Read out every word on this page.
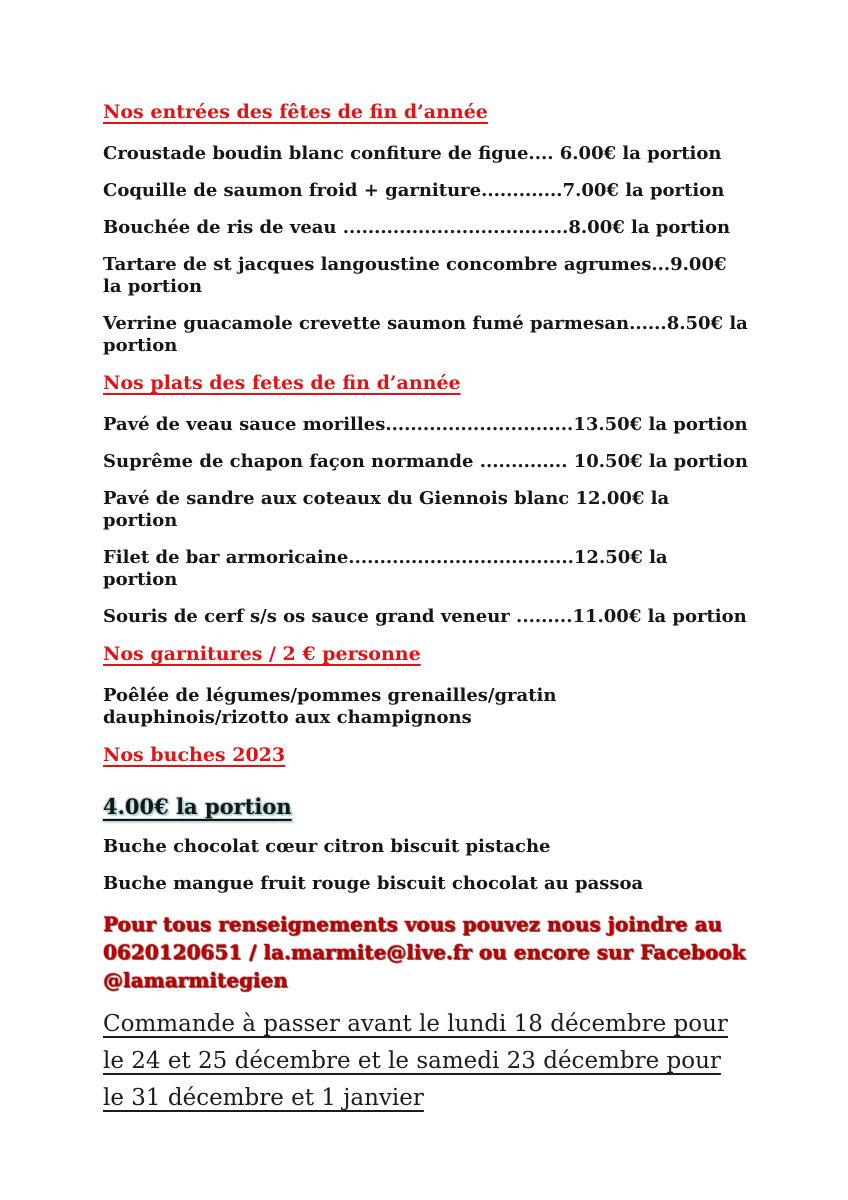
Nos entrées des fêtes de fin d’année

Croustade boudin blanc confiture de figue.... 6.00€ la portion

Coquille de saumon froid + garniture.............7.00€ la portion

Bouchée de ris de veau ....................................8.00€ la portion

Tartare de st jacques langoustine concombre agrumes...9.00€ la portion

Verrine guacamole crevette saumon fumé parmesan......8.50€ la portion

Nos plats des fetes de fin d’année

Pavé de veau sauce morilles..............................13.50€ la portion

Suprême de chapon façon normande .............. 10.50€ la portion

Pavé de sandre aux coteaux du Giennois blanc 12.00€ la portion

Filet de bar armoricaine....................................12.50€ la portion

Souris de cerf s/s os sauce grand veneur .........11.00€ la portion

Nos garnitures / 2 € personne

Poêlée de légumes/pommes grenailles/gratin dauphinois/rizotto aux champignons

Nos buches 2023

4.00€ la portion

Buche chocolat cœur citron biscuit pistache

Buche mangue fruit rouge biscuit chocolat au passoa

Pour tous renseignements vous pouvez nous joindre au 0620120651 / la.marmite@live.fr ou encore sur Facebook @lamarmitegien

Commande à passer avant le lundi 18 décembre pour le 24 et 25 décembre et le samedi 23 décembre pour le 31 décembre et 1 janvier
